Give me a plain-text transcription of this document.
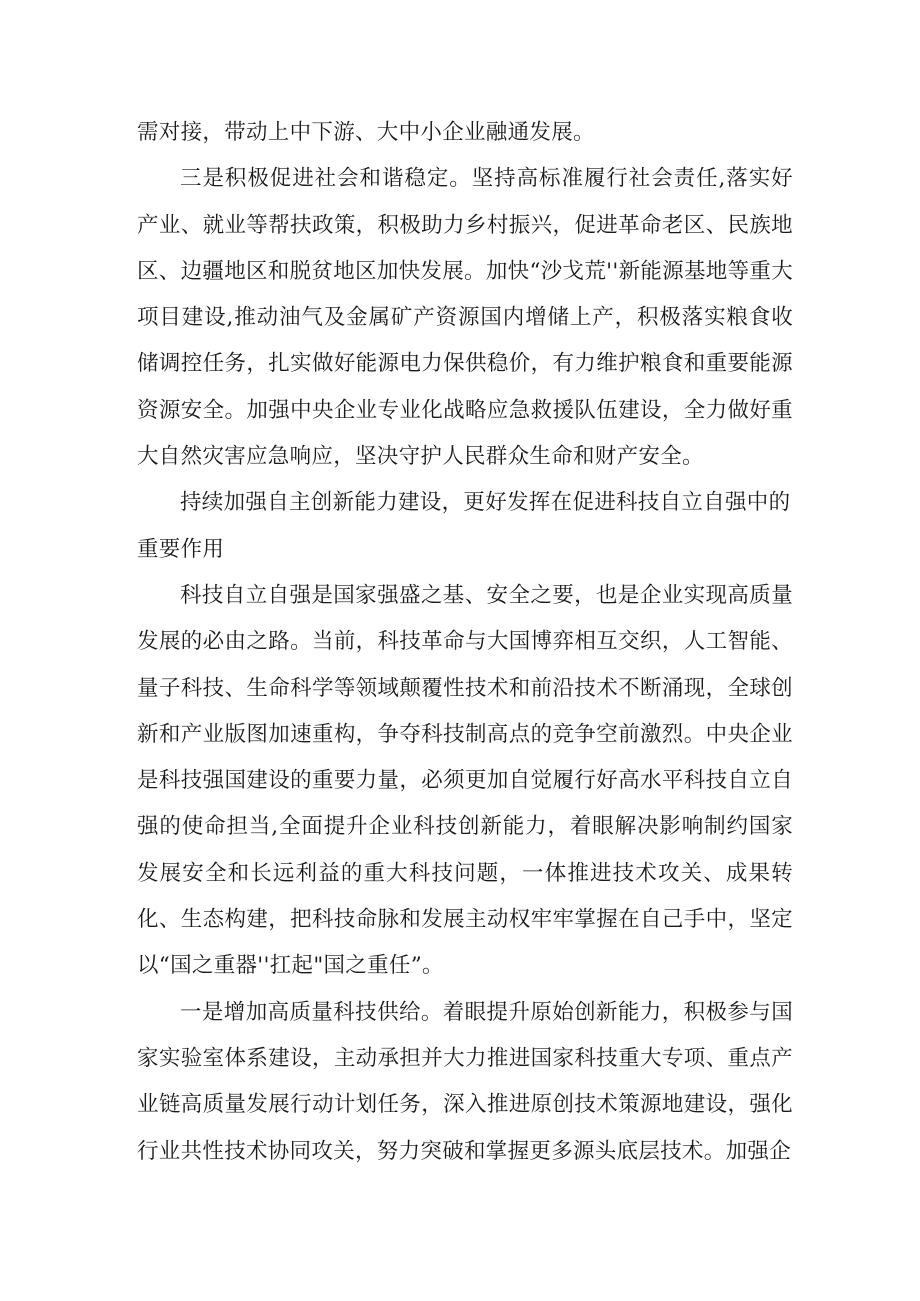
需对接，带动上中下游、大中小企业融通发展。

三是积极促进社会和谐稳定。坚持高标准履行社会责任,落实好产业、就业等帮扶政策，积极助力乡村振兴，促进革命老区、民族地区、边疆地区和脱贫地区加快发展。加快“沙戈荒''新能源基地等重大项目建设,推动油气及金属矿产资源国内增储上产，积极落实粮食收储调控任务，扎实做好能源电力保供稳价，有力维护粮食和重要能源资源安全。加强中央企业专业化战略应急救援队伍建设，全力做好重大自然灾害应急响应，坚决守护人民群众生命和财产安全。

持续加强自主创新能力建设，更好发挥在促进科技自立自强中的重要作用

科技自立自强是国家强盛之基、安全之要，也是企业实现高质量发展的必由之路。当前，科技革命与大国博弈相互交织，人工智能、量子科技、生命科学等领域颠覆性技术和前沿技术不断涌现，全球创新和产业版图加速重构，争夺科技制高点的竞争空前激烈。中央企业是科技强国建设的重要力量，必须更加自觉履行好高水平科技自立自强的使命担当,全面提升企业科技创新能力，着眼解决影响制约国家发展安全和长远利益的重大科技问题，一体推进技术攻关、成果转化、生态构建，把科技命脉和发展主动权牢牢掌握在自己手中，坚定以“国之重器''扛起"国之重任”。

一是增加高质量科技供给。着眼提升原始创新能力，积极参与国家实验室体系建设，主动承担并大力推进国家科技重大专项、重点产业链高质量发展行动计划任务，深入推进原创技术策源地建设，强化行业共性技术协同攻关，努力突破和掌握更多源头底层技术。加强企
